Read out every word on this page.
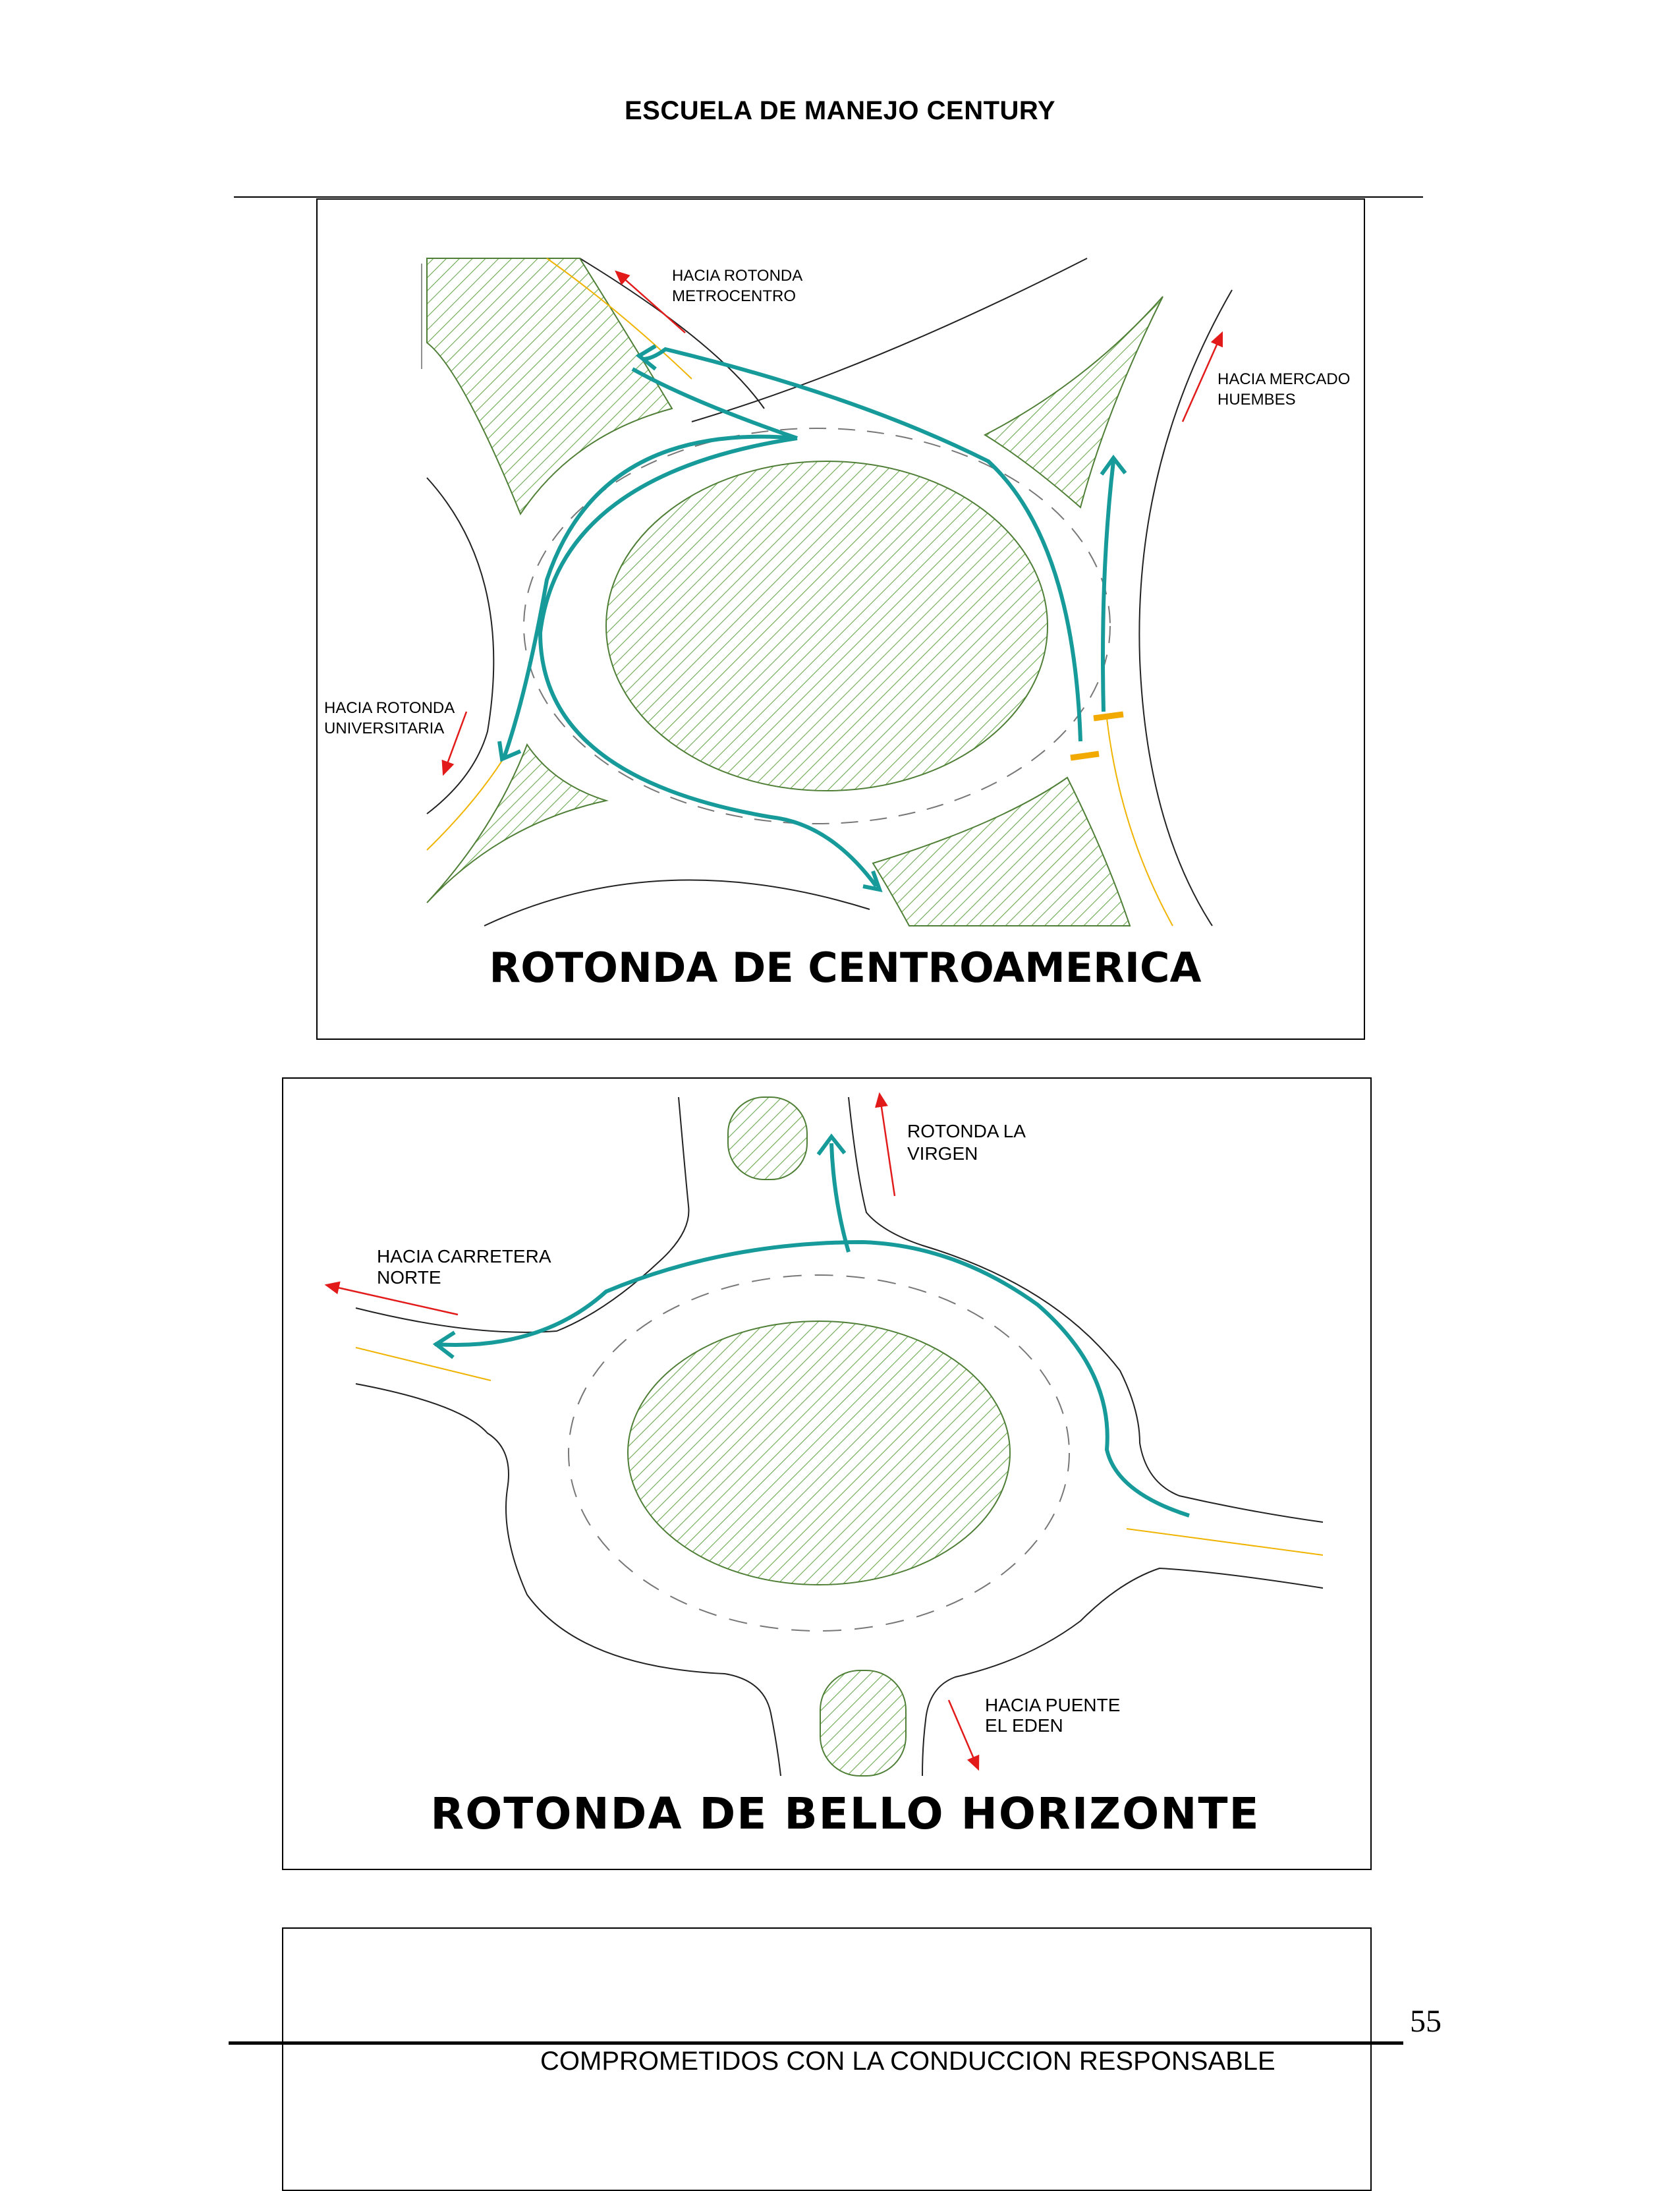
ESCUELA DE MANEJO CENTURY
HACIA ROTONDA
METROCENTRO
HACIA MERCADO
HUEMBES
HACIA ROTONDA
UNIVERSITARIA
ROTONDA DE CENTROAMERICA
ROTONDA LA
VIRGEN
HACIA CARRETERA
NORTE
HACIA PUENTE
EL EDEN
ROTONDA DE BELLO HORIZONTE
55
COMPROMETIDOS CON LA CONDUCCION RESPONSABLE
